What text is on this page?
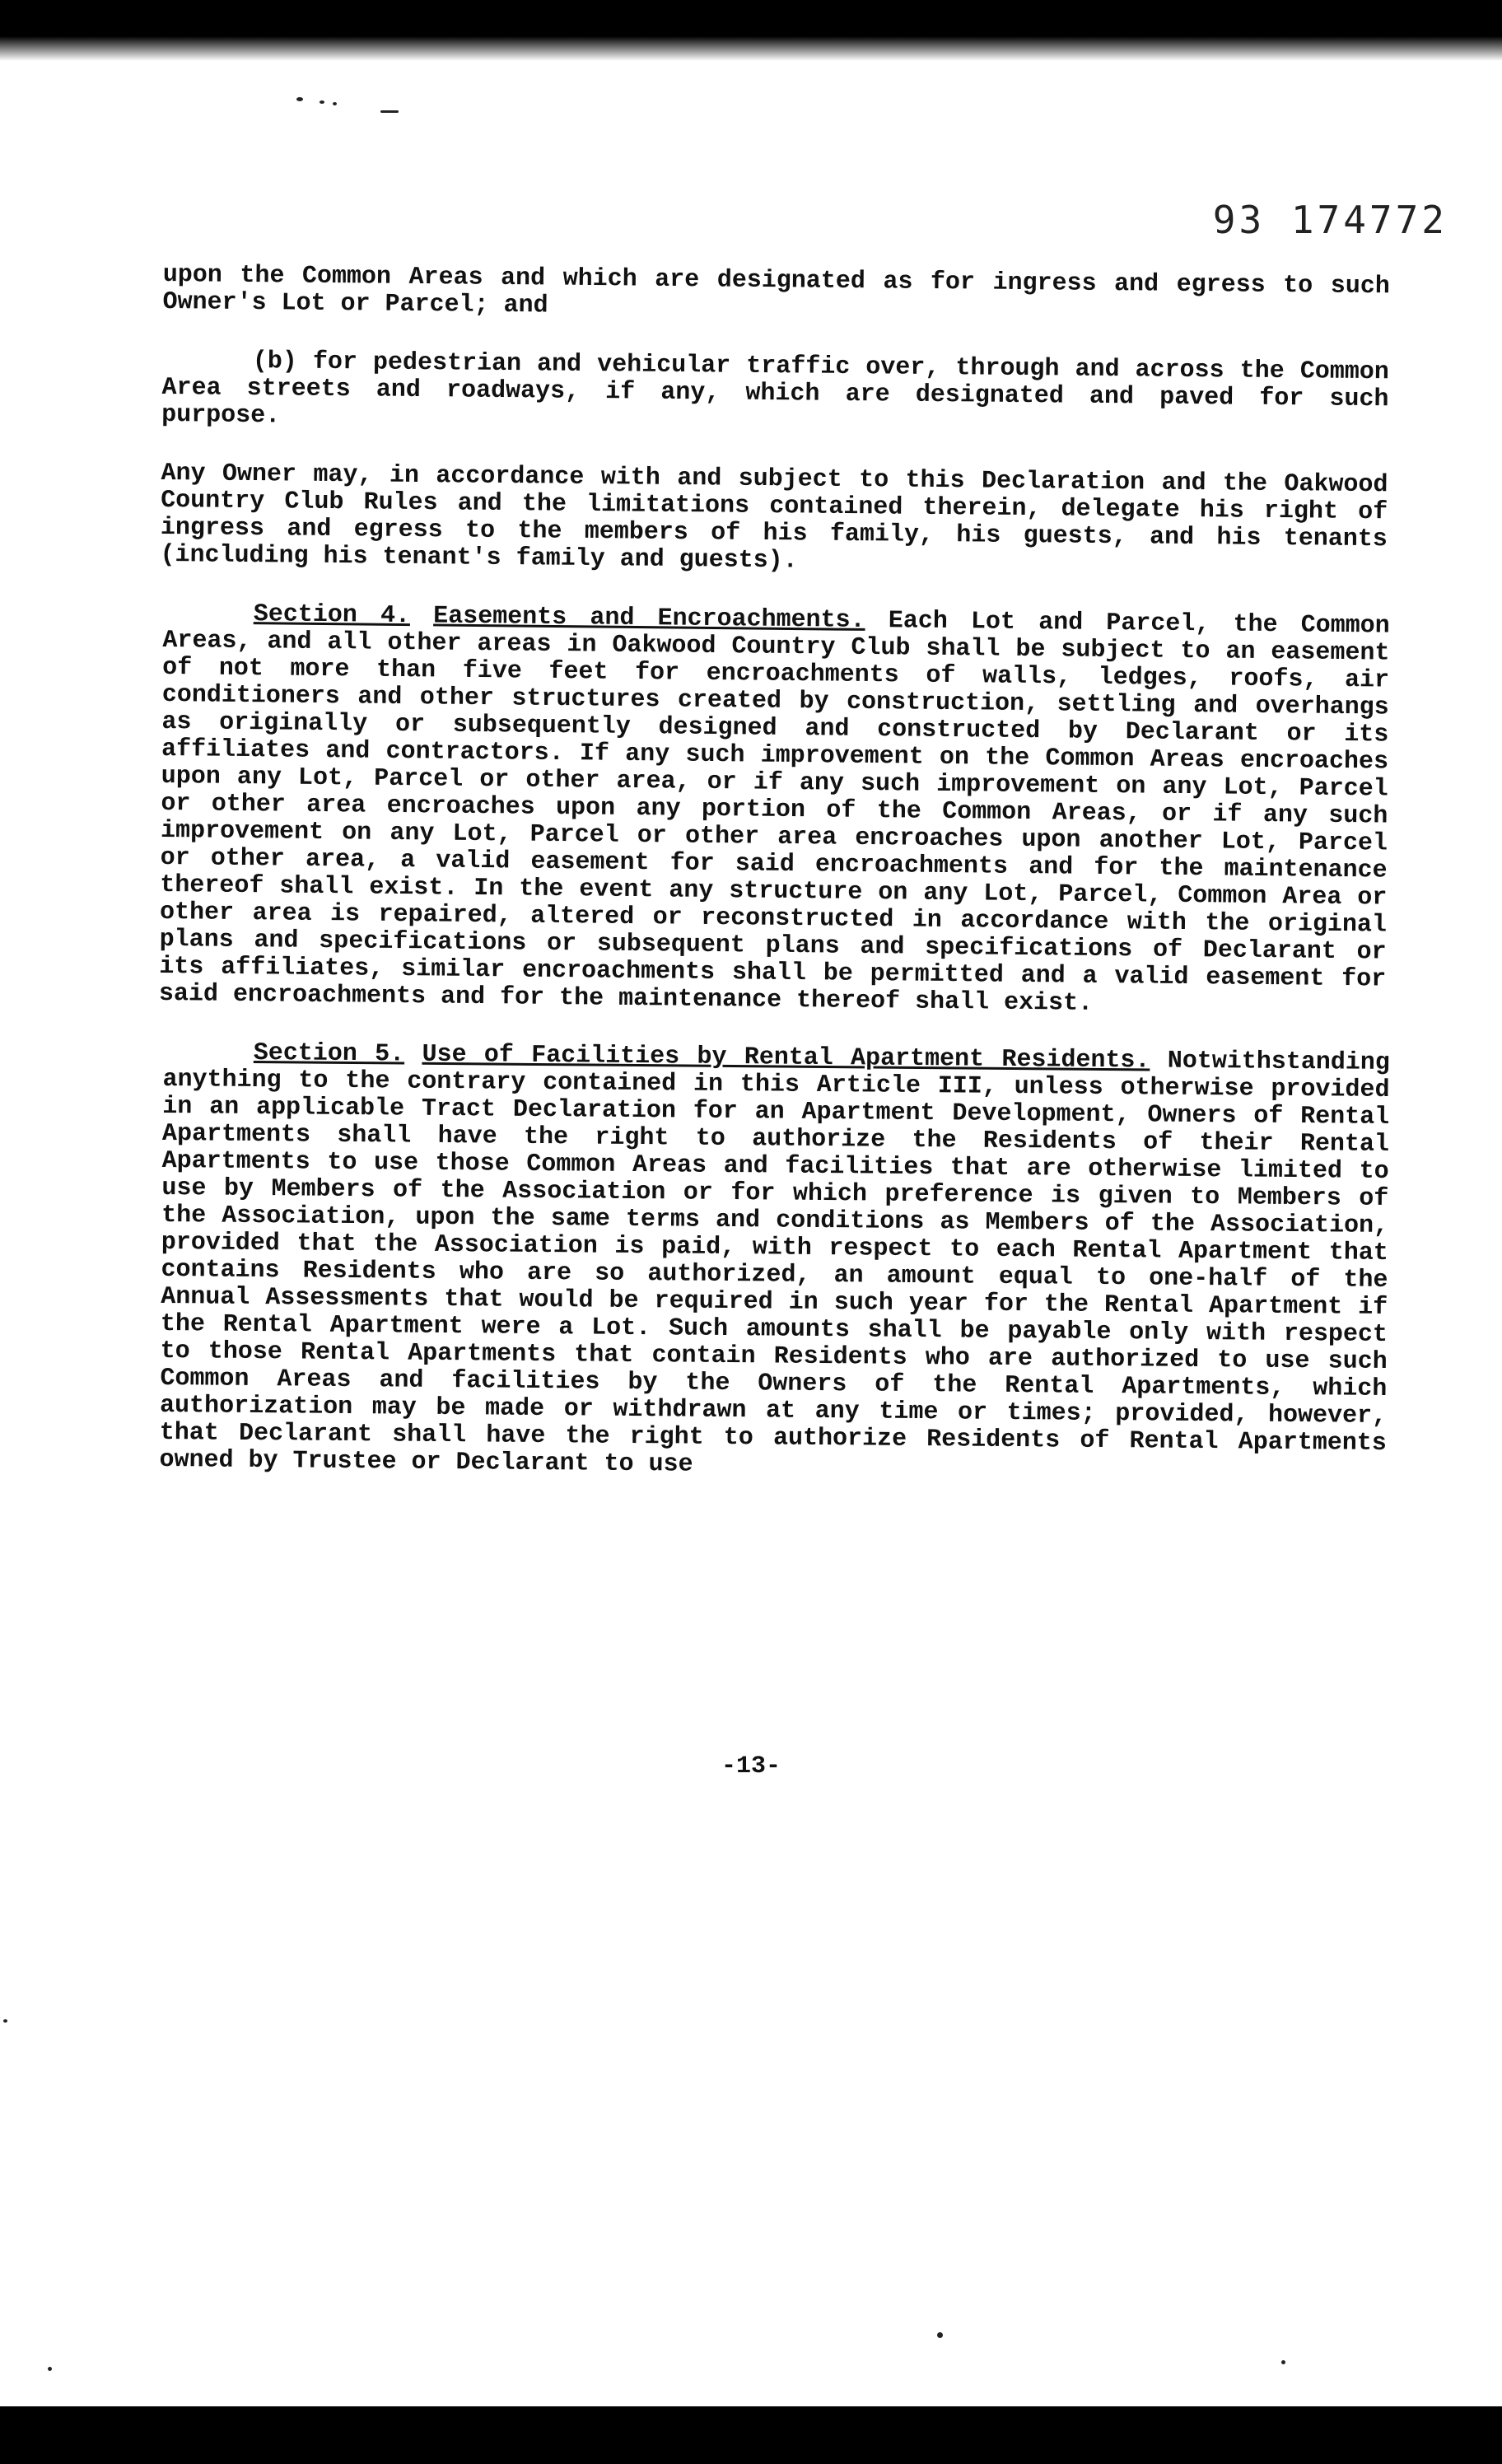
93 174772

upon the Common Areas and which are designated as for ingress and egress to such Owner's Lot or Parcel; and

(b) for pedestrian and vehicular traffic over, through and across the Common Area streets and roadways, if any, which are designated and paved for such purpose.

Any Owner may, in accordance with and subject to this Declaration and the Oakwood Country Club Rules and the limitations contained therein, delegate his right of ingress and egress to the members of his family, his guests, and his tenants (including his tenant's family and guests).

Section 4. Easements and Encroachments. Each Lot and Parcel, the Common Areas, and all other areas in Oakwood Country Club shall be subject to an easement of not more than five feet for encroachments of walls, ledges, roofs, air conditioners and other structures created by construction, settling and overhangs as originally or subsequently designed and constructed by Declarant or its affiliates and contractors. If any such improvement on the Common Areas encroaches upon any Lot, Parcel or other area, or if any such improvement on any Lot, Parcel or other area encroaches upon any portion of the Common Areas, or if any such improvement on any Lot, Parcel or other area encroaches upon another Lot, Parcel or other area, a valid easement for said encroachments and for the maintenance thereof shall exist. In the event any structure on any Lot, Parcel, Common Area or other area is repaired, altered or reconstructed in accordance with the original plans and specifications or subsequent plans and specifications of Declarant or its affiliates, similar encroachments shall be permitted and a valid easement for said encroachments and for the maintenance thereof shall exist.

Section 5. Use of Facilities by Rental Apartment Residents. Notwithstanding anything to the contrary contained in this Article III, unless otherwise provided in an applicable Tract Declaration for an Apartment Development, Owners of Rental Apartments shall have the right to authorize the Residents of their Rental Apartments to use those Common Areas and facilities that are otherwise limited to use by Members of the Association or for which preference is given to Members of the Association, upon the same terms and conditions as Members of the Association, provided that the Association is paid, with respect to each Rental Apartment that contains Residents who are so authorized, an amount equal to one-half of the Annual Assessments that would be required in such year for the Rental Apartment if the Rental Apartment were a Lot. Such amounts shall be payable only with respect to those Rental Apartments that contain Residents who are authorized to use such Common Areas and facilities by the Owners of the Rental Apartments, which authorization may be made or withdrawn at any time or times; provided, however, that Declarant shall have the right to authorize Residents of Rental Apartments owned by Trustee or Declarant to use

-13-
